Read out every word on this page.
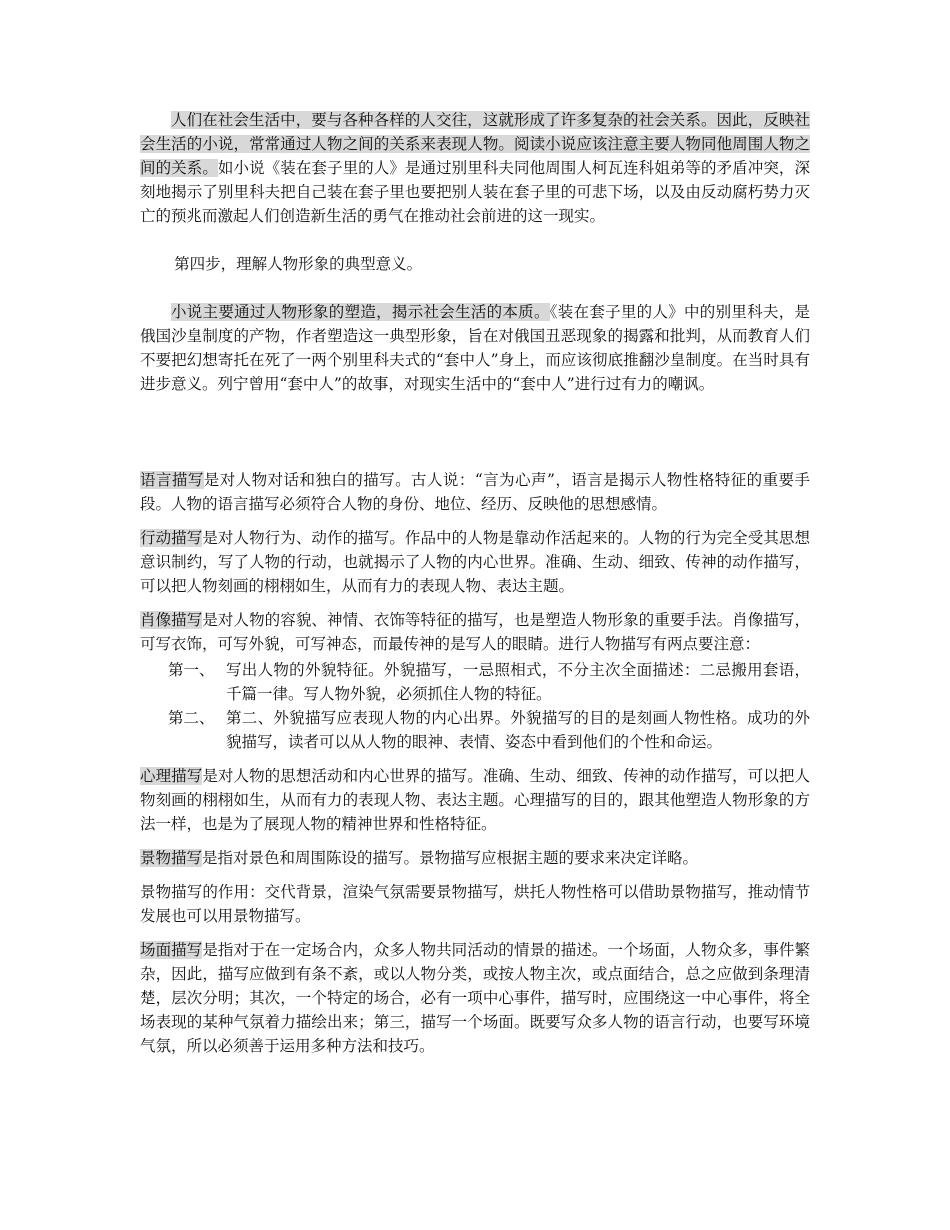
人们在社会生活中，要与各种各样的人交往，这就形成了许多复杂的社会关系。因此，反映社会生活的小说，常常通过人物之间的关系来表现人物。阅读小说应该注意主要人物同他周围人物之间的关系。如小说《装在套子里的人》是通过别里科夫同他周围人柯瓦连科姐弟等的矛盾冲突，深刻地揭示了别里科夫把自己装在套子里也要把别人装在套子里的可悲下场，以及由反动腐朽势力灭亡的预兆而激起人们创造新生活的勇气在推动社会前进的这一现实。

第四步，理解人物形象的典型意义。

小说主要通过人物形象的塑造，揭示社会生活的本质。《装在套子里的人》中的别里科夫，是俄国沙皇制度的产物，作者塑造这一典型形象，旨在对俄国丑恶现象的揭露和批判，从而教育人们不要把幻想寄托在死了一两个别里科夫式的“套中人”身上，而应该彻底推翻沙皇制度。在当时具有进步意义。列宁曾用“套中人”的故事，对现实生活中的“套中人”进行过有力的嘲讽。

语言描写是对人物对话和独白的描写。古人说：“言为心声”，语言是揭示人物性格特征的重要手段。人物的语言描写必须符合人物的身份、地位、经历、反映他的思想感情。

行动描写是对人物行为、动作的描写。作品中的人物是靠动作活起来的。人物的行为完全受其思想意识制约，写了人物的行动，也就揭示了人物的内心世界。准确、生动、细致、传神的动作描写，可以把人物刻画的栩栩如生，从而有力的表现人物、表达主题。

肖像描写是对人物的容貌、神情、衣饰等特征的描写，也是塑造人物形象的重要手法。肖像描写，可写衣饰，可写外貌，可写神态，而最传神的是写人的眼睛。进行人物描写有两点要注意：

第一、 写出人物的外貌特征。外貌描写，一忌照相式，不分主次全面描述：二忌搬用套语，千篇一律。写人物外貌，必须抓住人物的特征。
第二、 第二、外貌描写应表现人物的内心出界。外貌描写的目的是刻画人物性格。成功的外貌描写，读者可以从人物的眼神、表情、姿态中看到他们的个性和命运。

心理描写是对人物的思想活动和内心世界的描写。准确、生动、细致、传神的动作描写，可以把人物刻画的栩栩如生，从而有力的表现人物、表达主题。心理描写的目的，跟其他塑造人物形象的方法一样，也是为了展现人物的精神世界和性格特征。

景物描写是指对景色和周围陈设的描写。景物描写应根据主题的要求来决定详略。

景物描写的作用：交代背景，渲染气氛需要景物描写，烘托人物性格可以借助景物描写，推动情节发展也可以用景物描写。

场面描写是指对于在一定场合内，众多人物共同活动的情景的描述。一个场面，人物众多，事件繁杂，因此，描写应做到有条不紊，或以人物分类，或按人物主次，或点面结合，总之应做到条理清楚，层次分明；其次，一个特定的场合，必有一项中心事件，描写时，应围绕这一中心事件，将全场表现的某种气氛着力描绘出来；第三，描写一个场面。既要写众多人物的语言行动，也要写环境气氛，所以必须善于运用多种方法和技巧。
